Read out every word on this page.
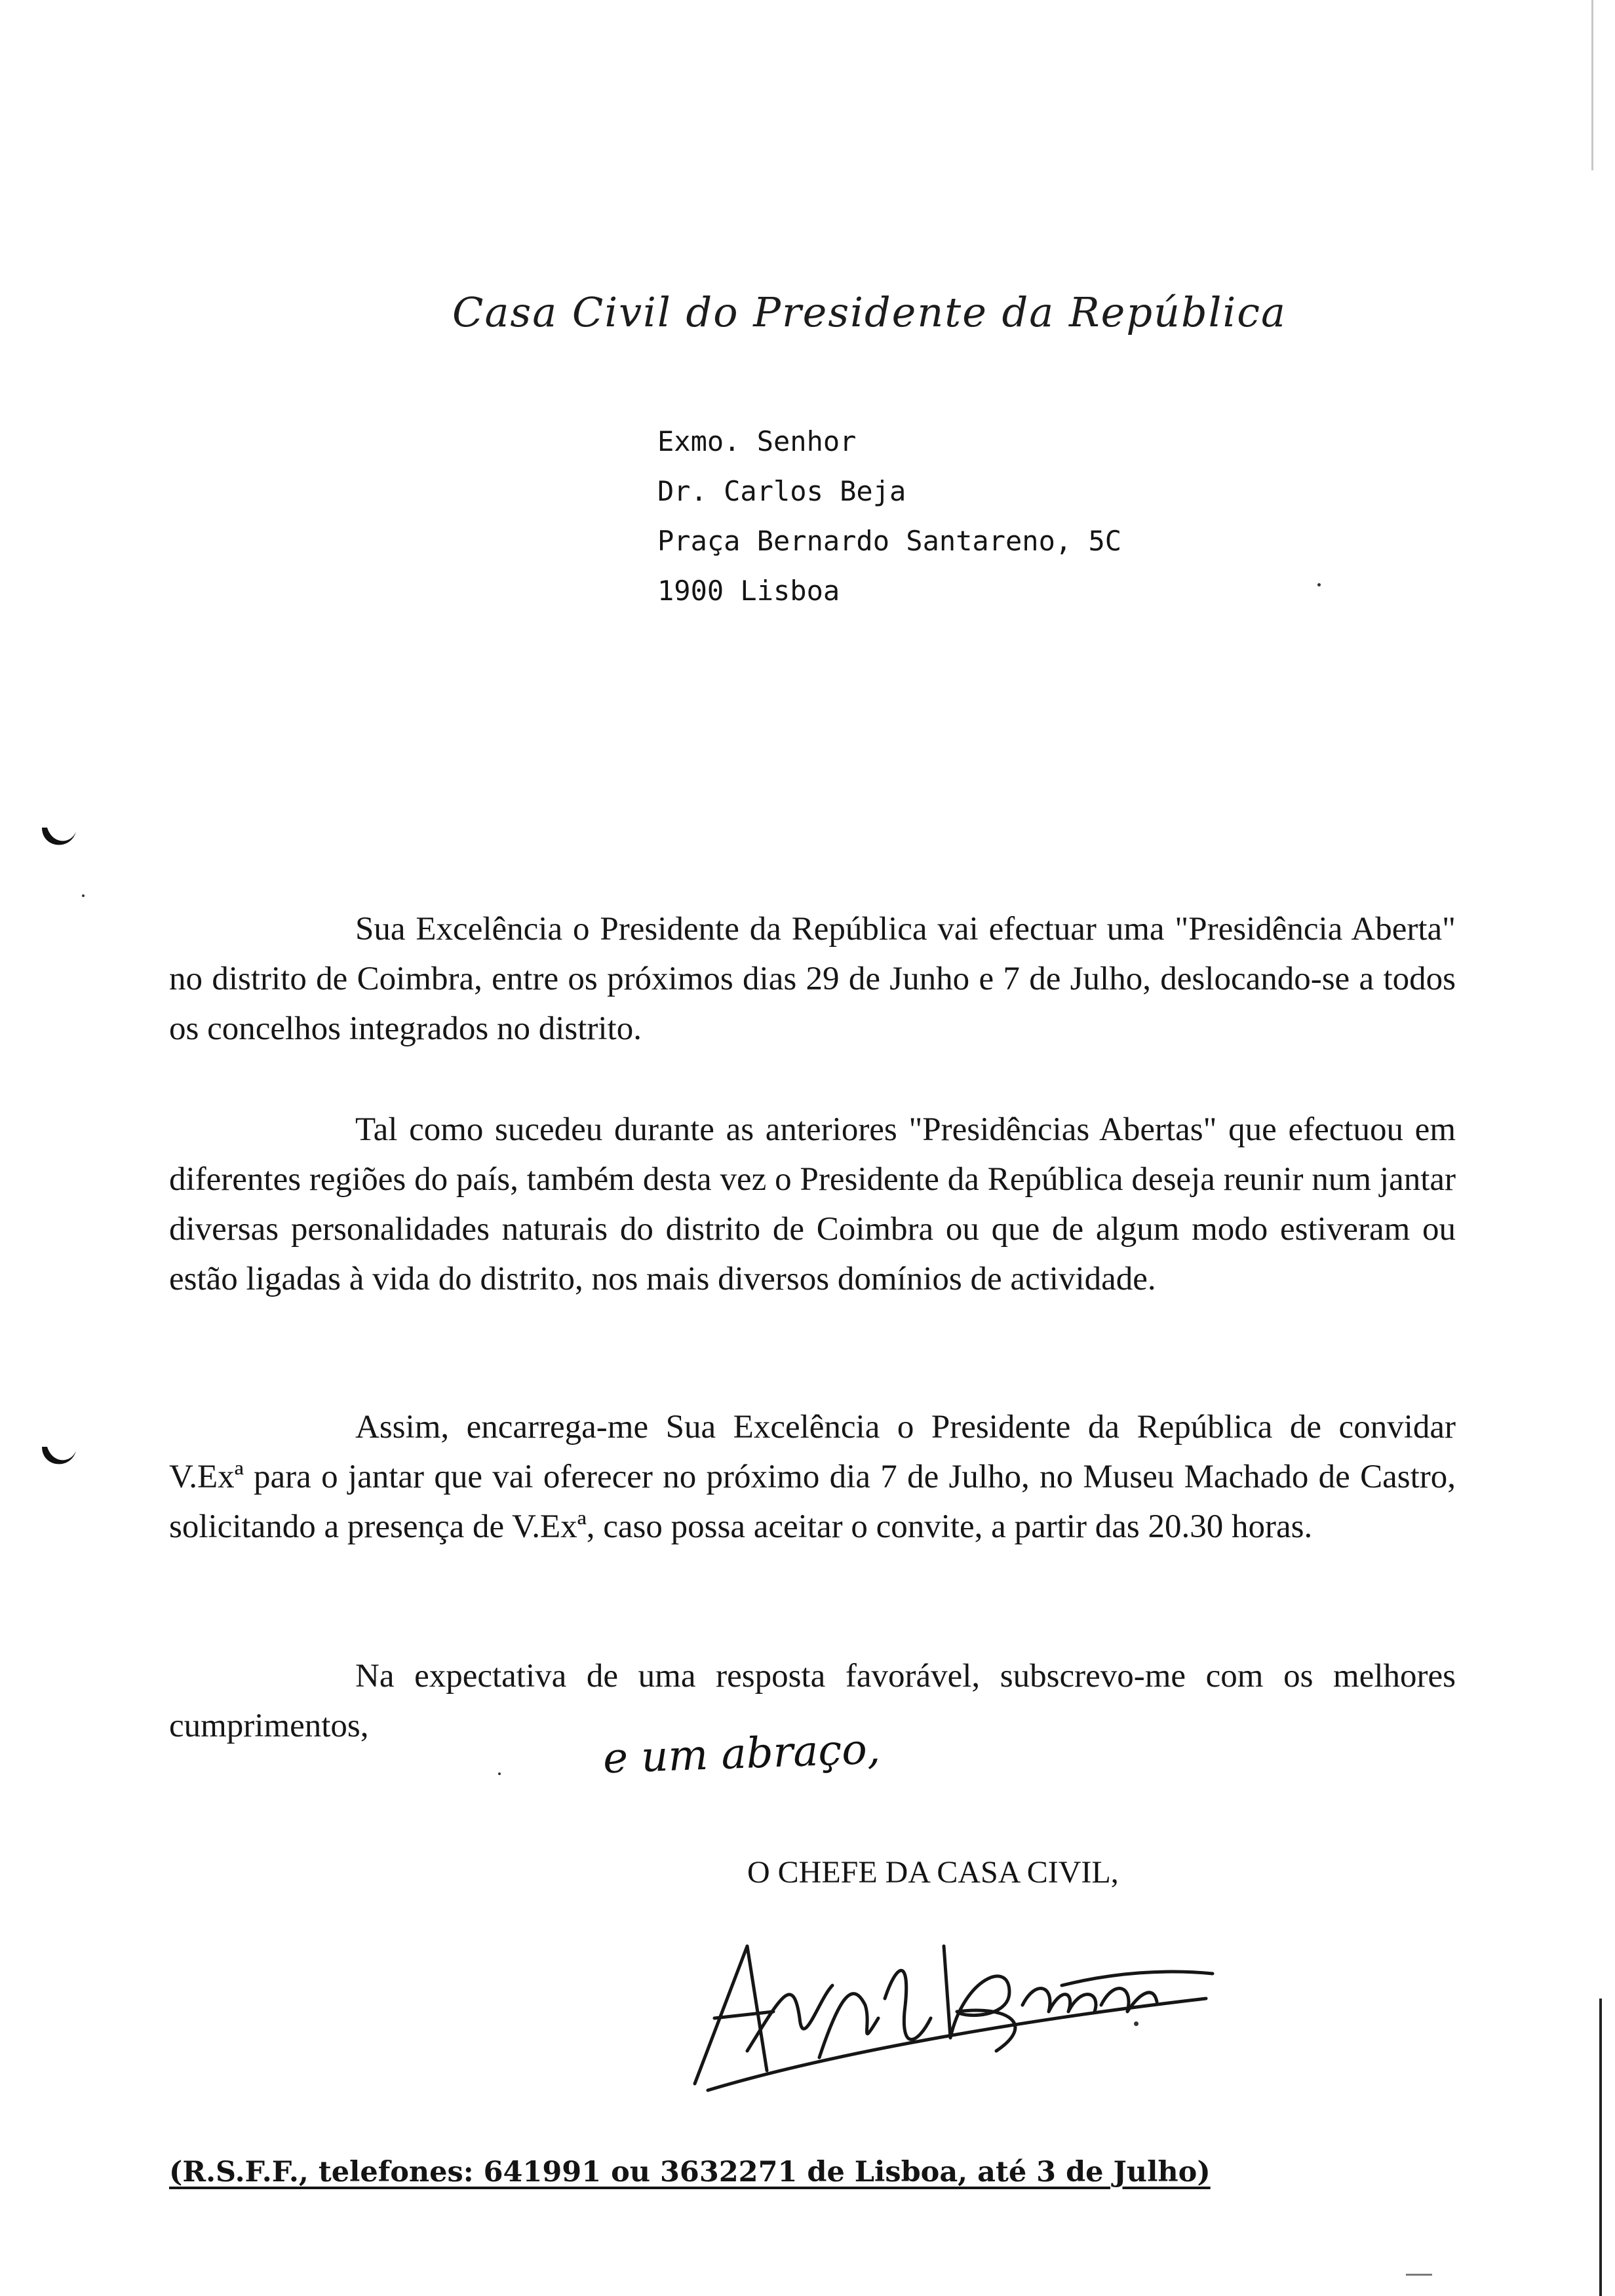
Casa Civil do Presidente da República
Exmo. Senhor
Dr. Carlos Beja
Praça Bernardo Santareno, 5C
1900 Lisboa
Sua Excelência o Presidente da República vai efectuar uma "Presidência Aberta" no distrito de Coimbra, entre os próximos dias 29 de Junho e 7 de Julho, deslocando-se a todos os concelhos integrados no distrito.
Tal como sucedeu durante as anteriores "Presidências Abertas" que efectuou em diferentes regiões do país, também desta vez o Presidente da República deseja reunir num jantar diversas personalidades naturais do distrito de Coimbra ou que de algum modo estiveram ou estão ligadas à vida do distrito, nos mais diversos domínios de actividade.
Assim, encarrega-me Sua Excelência o Presidente da República de convidar V.Exª para o jantar que vai oferecer no próximo dia 7 de Julho, no Museu Machado de Castro, solicitando a presença de V.Exª, caso possa aceitar o convite, a partir das 20.30 horas.
Na expectativa de uma resposta favorável, subscrevo-me com os melhores cumprimentos,	e um abraço,
O CHEFE DA CASA CIVIL,
(R.S.F.F., telefones: 641991 ou 3632271 de Lisboa, até 3 de Julho)
